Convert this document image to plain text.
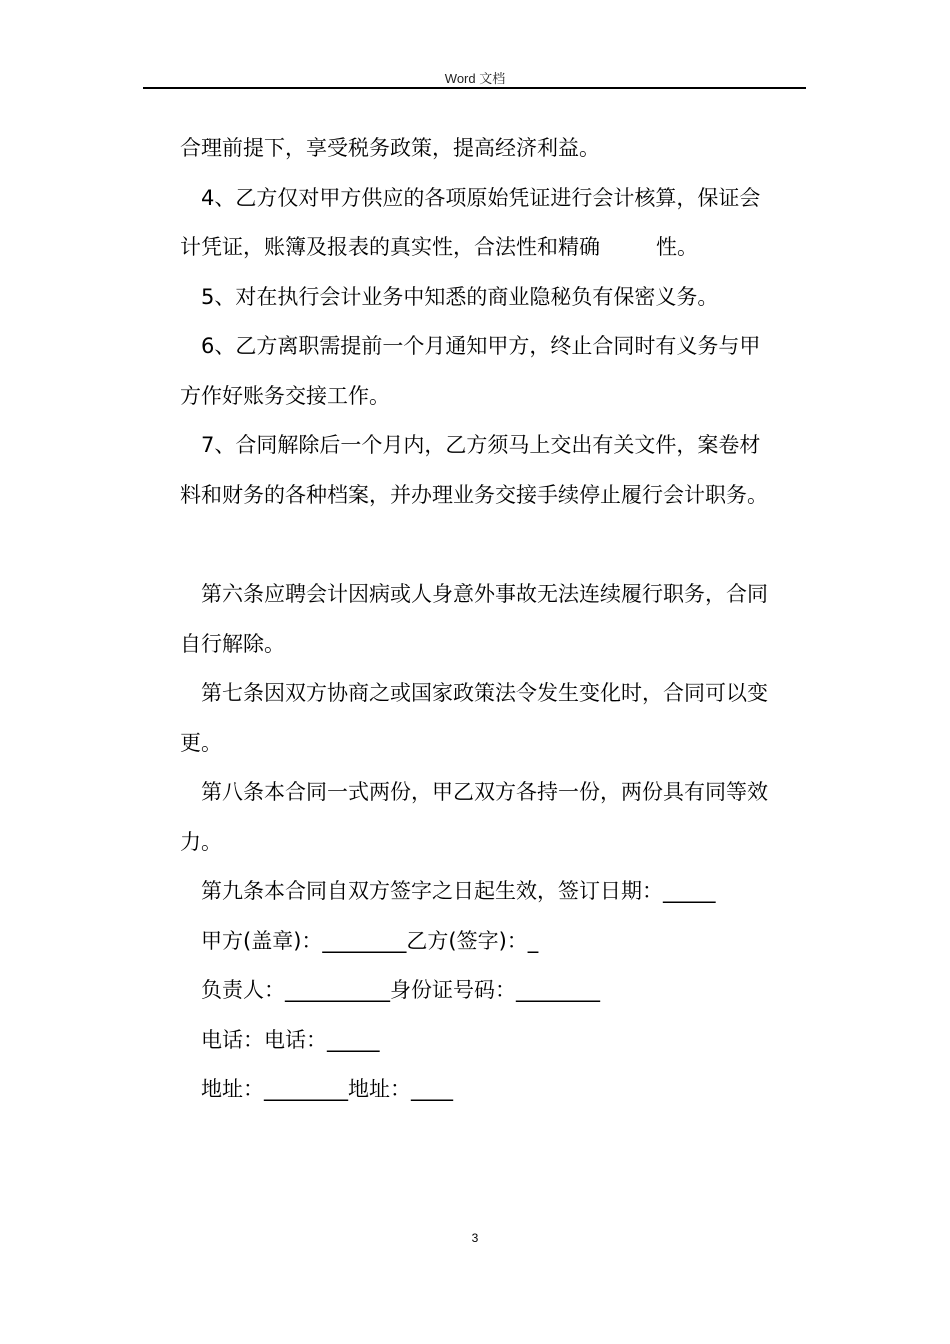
Word 文档
合理前提下，享受税务政策，提高经济利益。
4、乙方仅对甲方供应的各项原始凭证进行会计核算，保证会
计凭证，账簿及报表的真实性，合法性和精确	性。
5、对在执行会计业务中知悉的商业隐秘负有保密义务。
6、乙方离职需提前一个月通知甲方，终止合同时有义务与甲
方作好账务交接工作。
7、合同解除后一个月内，乙方须马上交出有关文件，案卷材
料和财务的各种档案，并办理业务交接手续停止履行会计职务。
第六条应聘会计因病或人身意外事故无法连续履行职务，合同
自行解除。
第七条因双方协商之或国家政策法令发生变化时，合同可以变
更。
第八条本合同一式两份，甲乙双方各持一份，两份具有同等效
力。
第九条本合同自双方签字之日起生效，签订日期：_____
甲方(盖章)：________乙方(签字)：_
负责人：__________身份证号码：________
电话：电话：_____
地址：________地址：____
3
